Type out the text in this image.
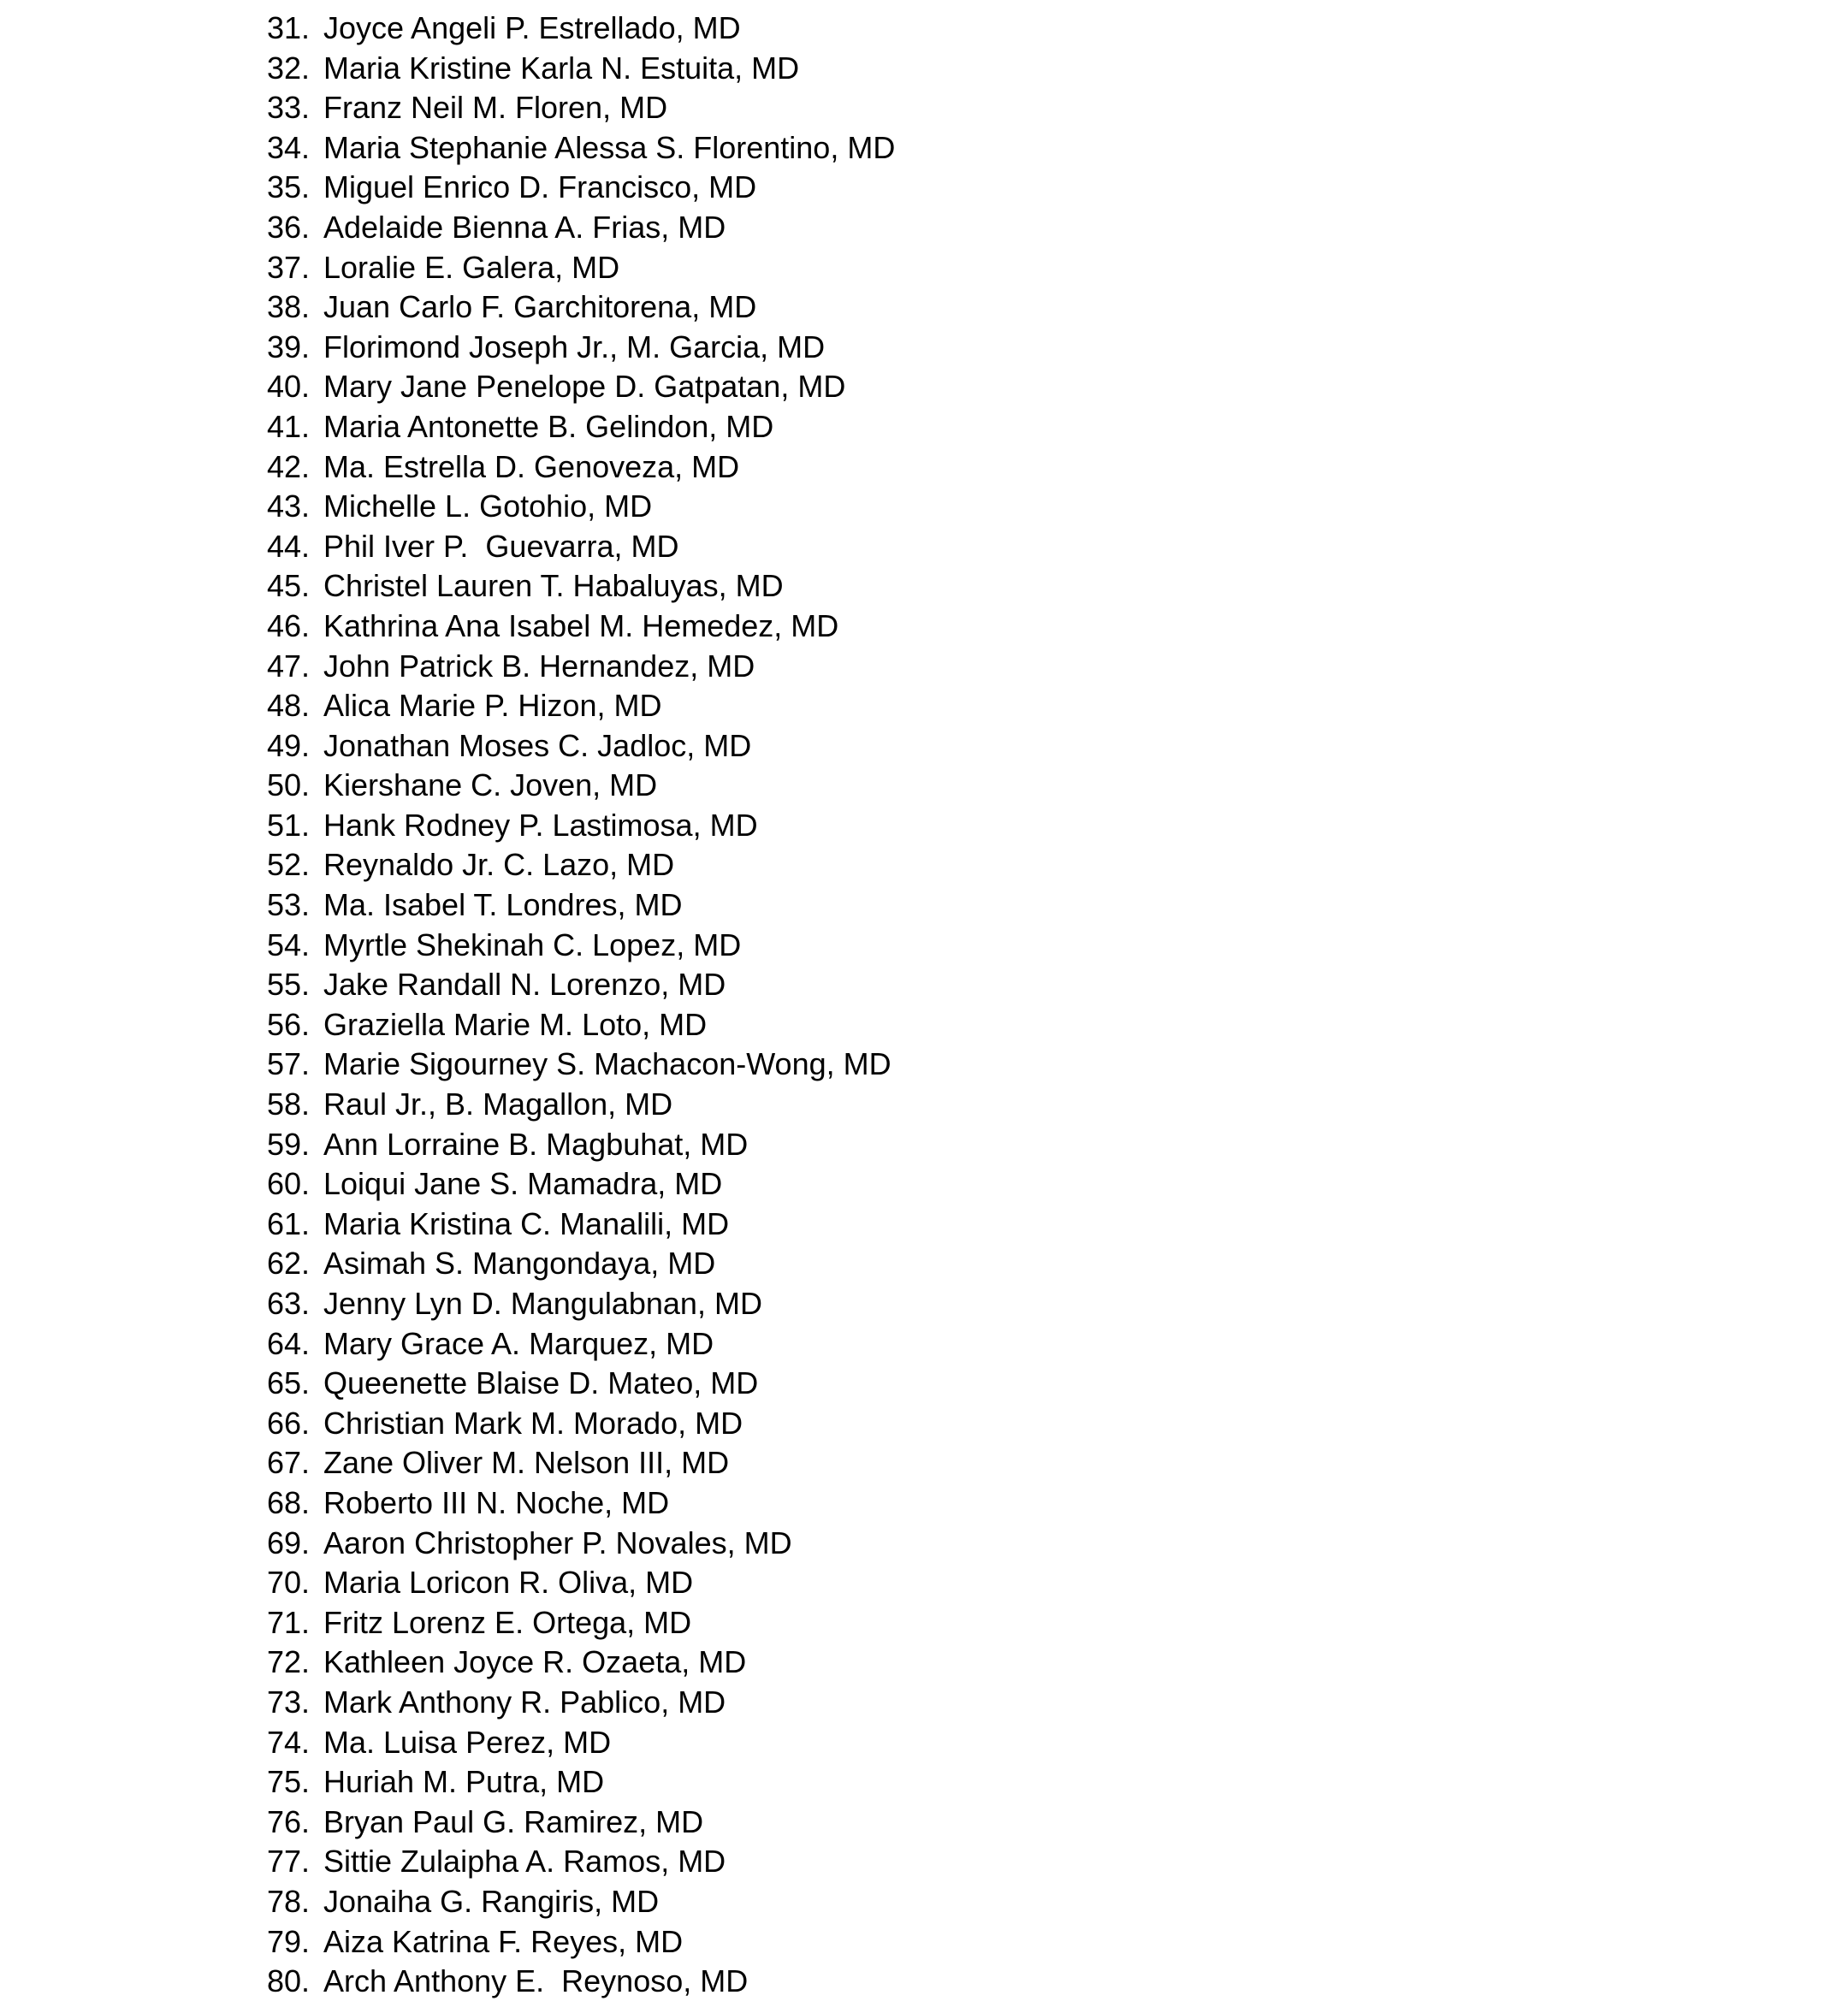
31. Joyce Angeli P. Estrellado, MD
32. Maria Kristine Karla N. Estuita, MD
33. Franz Neil M. Floren, MD
34. Maria Stephanie Alessa S. Florentino, MD
35. Miguel Enrico D. Francisco, MD
36. Adelaide Bienna A. Frias, MD
37. Loralie E. Galera, MD
38. Juan Carlo F. Garchitorena, MD
39. Florimond Joseph Jr., M. Garcia, MD
40. Mary Jane Penelope D. Gatpatan, MD
41. Maria Antonette B. Gelindon, MD
42. Ma. Estrella D. Genoveza, MD
43. Michelle L. Gotohio, MD
44. Phil Iver P.  Guevarra, MD
45. Christel Lauren T. Habaluyas, MD
46. Kathrina Ana Isabel M. Hemedez, MD
47. John Patrick B. Hernandez, MD
48. Alica Marie P. Hizon, MD
49. Jonathan Moses C. Jadloc, MD
50. Kiershane C. Joven, MD
51. Hank Rodney P. Lastimosa, MD
52. Reynaldo Jr. C. Lazo, MD
53. Ma. Isabel T. Londres, MD
54. Myrtle Shekinah C. Lopez, MD
55. Jake Randall N. Lorenzo, MD
56. Graziella Marie M. Loto, MD
57. Marie Sigourney S. Machacon-Wong, MD
58. Raul Jr., B. Magallon, MD
59. Ann Lorraine B. Magbuhat, MD
60. Loiqui Jane S. Mamadra, MD
61. Maria Kristina C. Manalili, MD
62. Asimah S. Mangondaya, MD
63. Jenny Lyn D. Mangulabnan, MD
64. Mary Grace A. Marquez, MD
65. Queenette Blaise D. Mateo, MD
66. Christian Mark M. Morado, MD
67. Zane Oliver M. Nelson III, MD
68. Roberto III N. Noche, MD
69. Aaron Christopher P. Novales, MD
70. Maria Loricon R. Oliva, MD
71. Fritz Lorenz E. Ortega, MD
72. Kathleen Joyce R. Ozaeta, MD
73. Mark Anthony R. Pablico, MD
74. Ma. Luisa Perez, MD
75. Huriah M. Putra, MD
76. Bryan Paul G. Ramirez, MD
77. Sittie Zulaipha A. Ramos, MD
78. Jonaiha G. Rangiris, MD
79. Aiza Katrina F. Reyes, MD
80. Arch Anthony E.  Reynoso, MD
